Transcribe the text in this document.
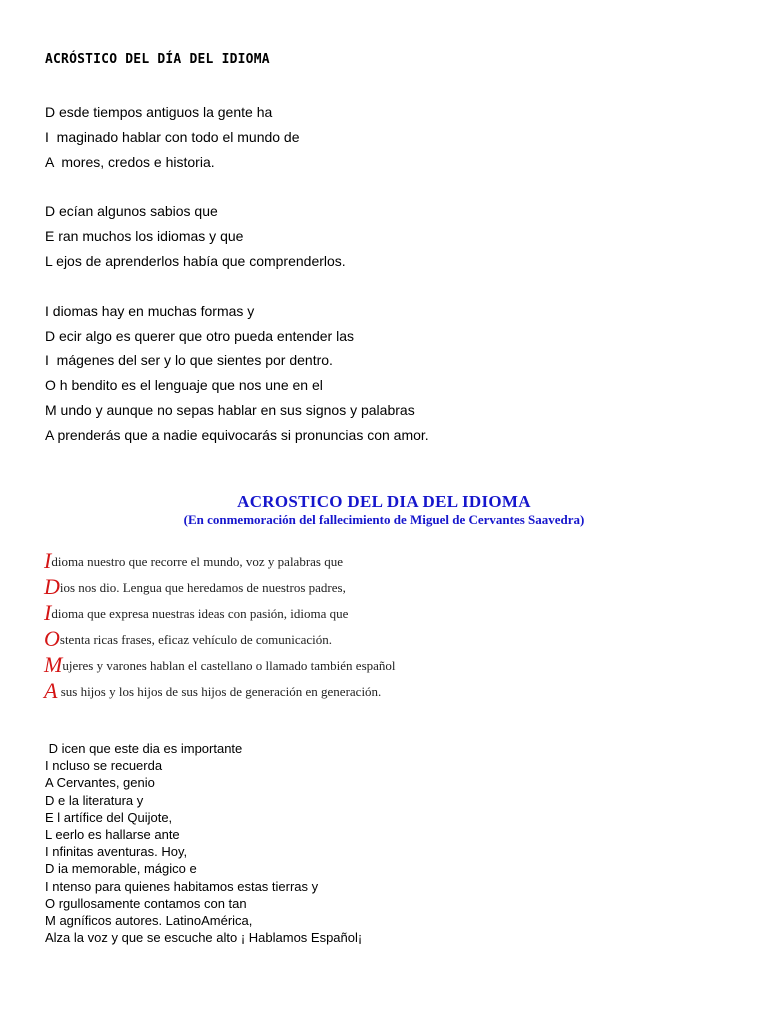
ACRÓSTICO DEL DÍA DEL IDIOMA
D esde tiempos antiguos la gente ha
I  maginado hablar con todo el mundo de
A  mores, credos e historia.
D ecían algunos sabios que
E ran muchos los idiomas y que
L ejos de aprenderlos había que comprenderlos.
I diomas hay en muchas formas y
D ecir algo es querer que otro pueda entender las
I  mágenes del ser y lo que sientes por dentro.
O h bendito es el lenguaje que nos une en el
M undo y aunque no sepas hablar en sus signos y palabras
A prenderás que a nadie equivocarás si pronuncias con amor.
ACROSTICO DEL DIA DEL IDIOMA
(En conmemoración del fallecimiento de Miguel de Cervantes Saavedra)
Idioma nuestro que recorre el mundo, voz y palabras que
Dios nos dio. Lengua que heredamos de nuestros padres,
Idioma que expresa nuestras ideas con pasión, idioma que
Ostenta ricas frases, eficaz vehículo de comunicación.
Mujeres y varones hablan el castellano o llamado también español
A sus hijos y los hijos de sus hijos de generación en generación.
D icen que este dia es importante
I ncluso se recuerda
A Cervantes, genio
D e la literatura y
E l artífice del Quijote,
L eerlo es hallarse ante
I nfinitas aventuras. Hoy,
D ia memorable, mágico e
I ntenso para quienes habitamos estas tierras y
O rgullosamente contamos con tan
M agníficos autores. LatinoAmérica,
Alza la voz y que se escuche alto ¡ Hablamos Español¡
